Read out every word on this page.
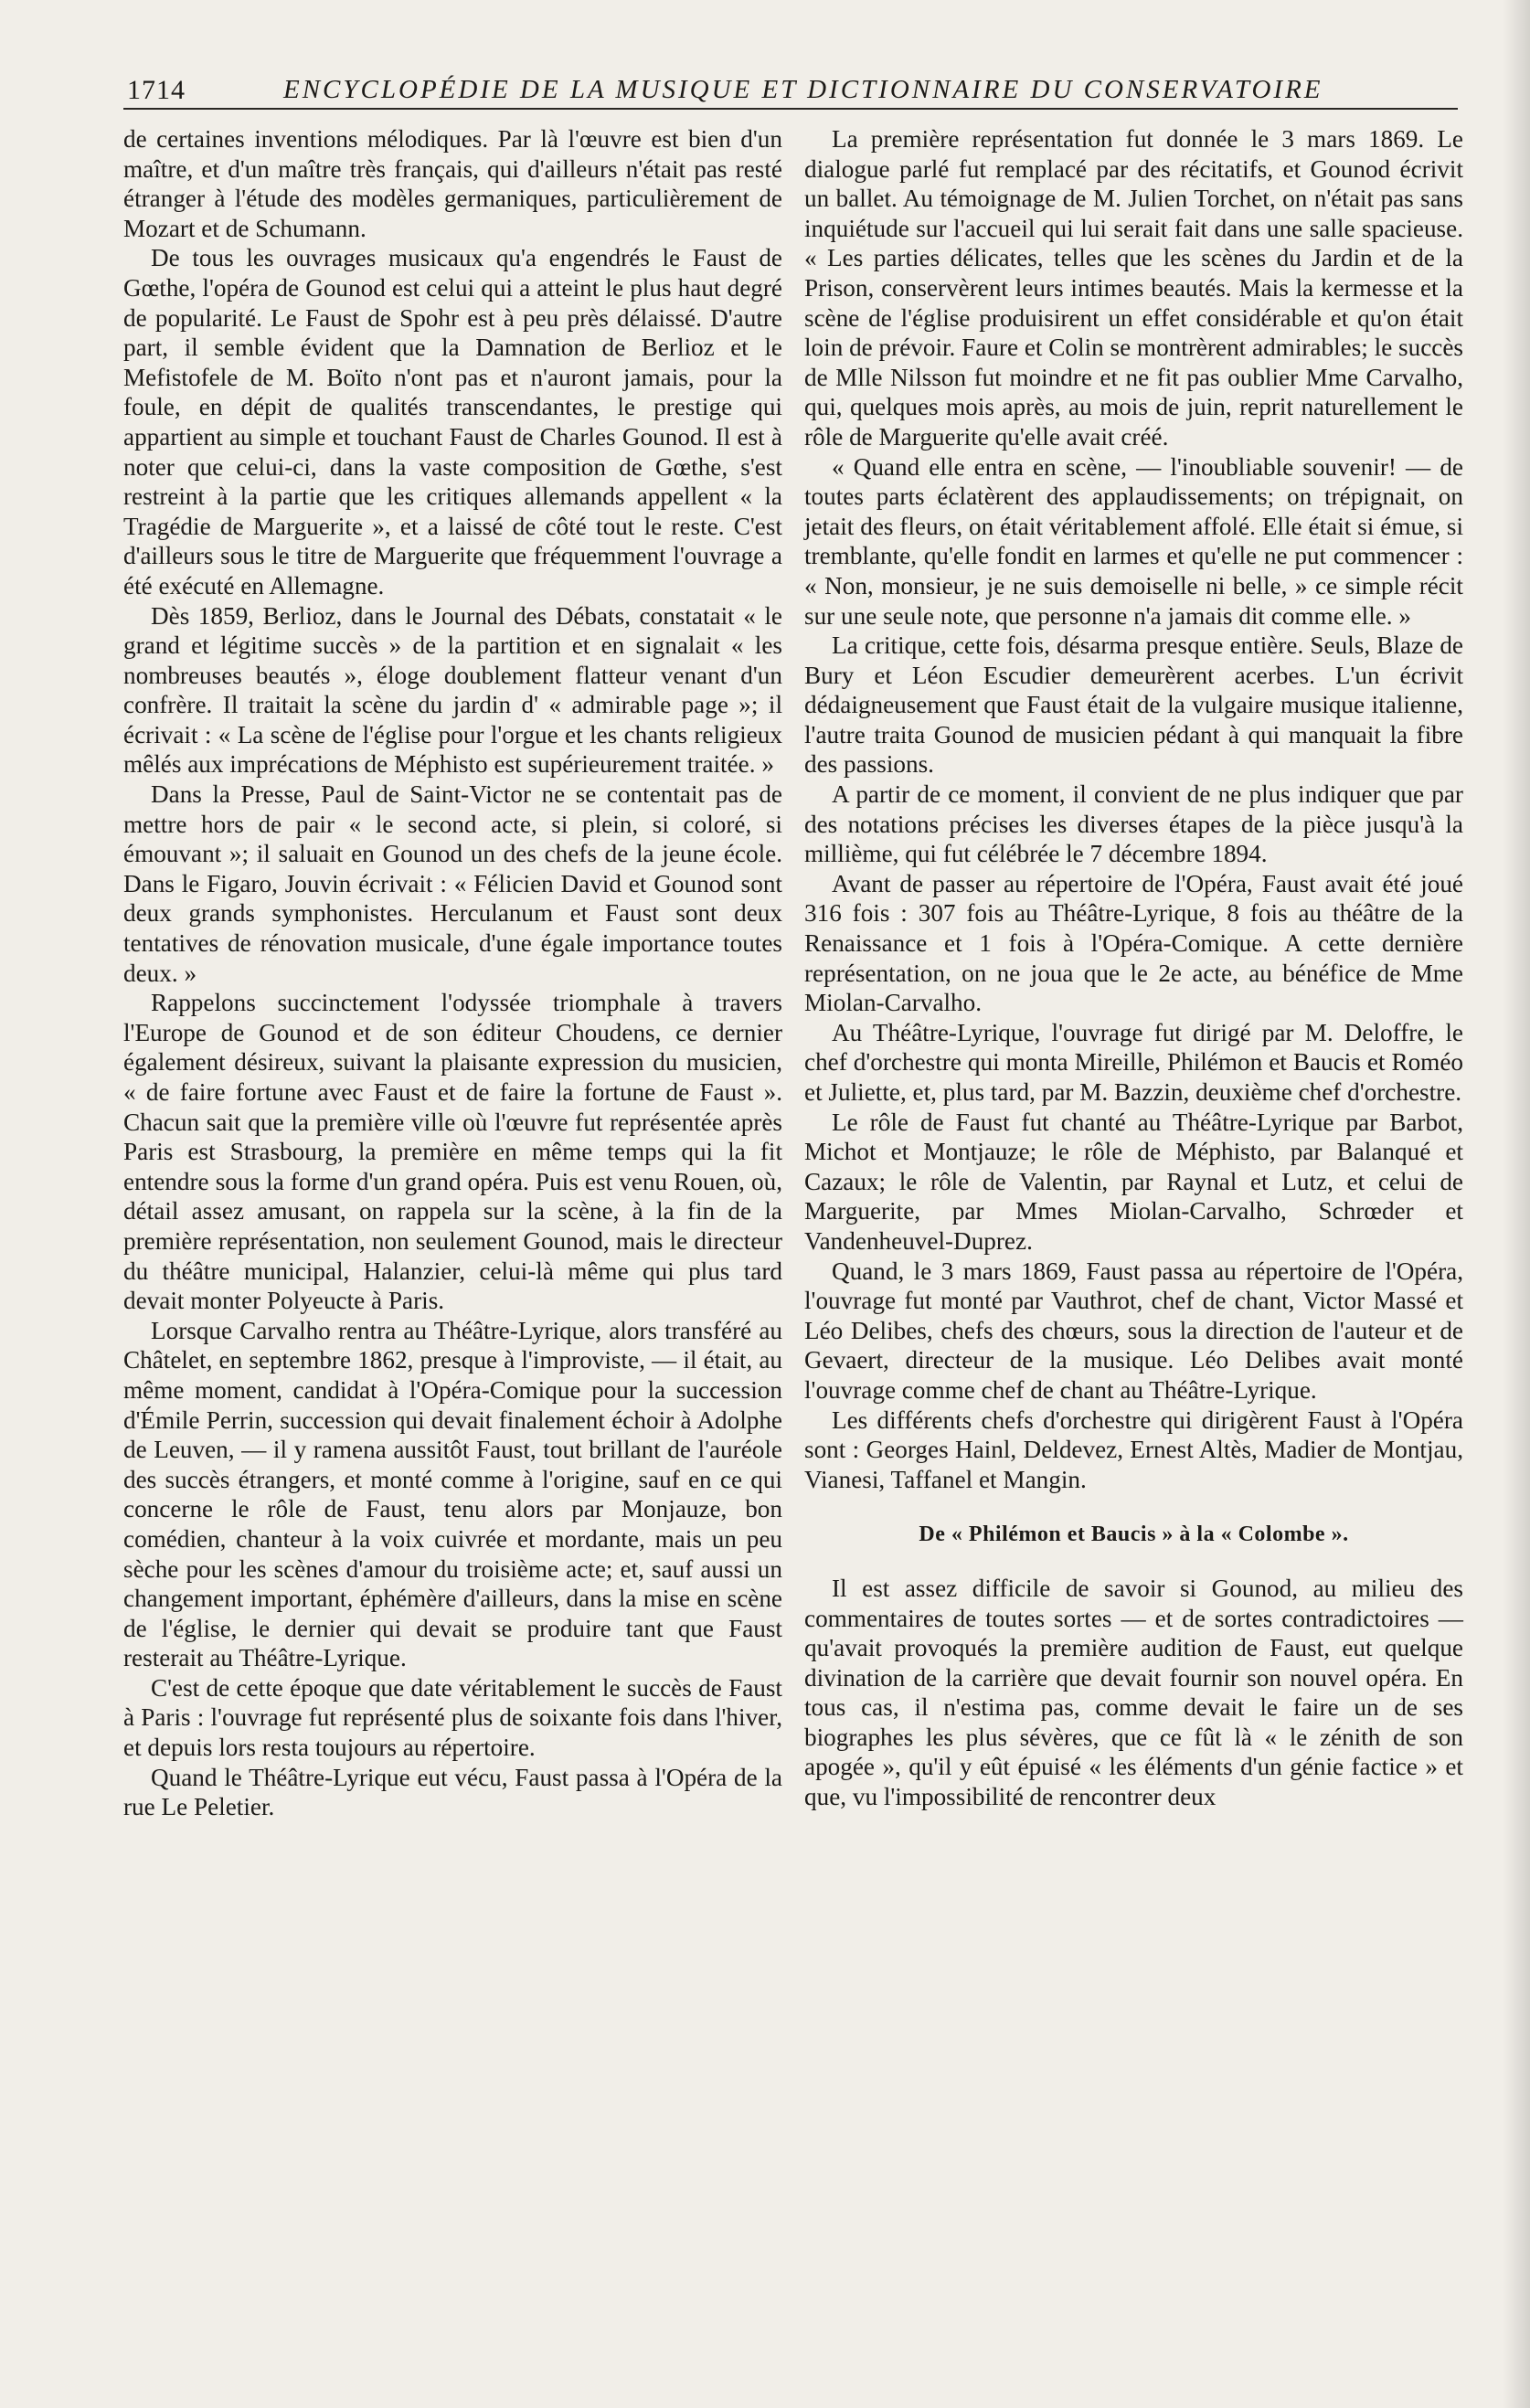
1714	ENCYCLOPÉDIE DE LA MUSIQUE ET DICTIONNAIRE DU CONSERVATOIRE

de certaines inventions mélodiques. Par là l'œuvre est bien d'un maître, et d'un maître très français, qui d'ailleurs n'était pas resté étranger à l'étude des modèles germaniques, particulièrement de Mozart et de Schumann.

De tous les ouvrages musicaux qu'a engendrés le Faust de Gœthe, l'opéra de Gounod est celui qui a atteint le plus haut degré de popularité. Le Faust de Spohr est à peu près délaissé. D'autre part, il semble évident que la Damnation de Berlioz et le Mefistofele de M. Boïto n'ont pas et n'auront jamais, pour la foule, en dépit de qualités transcendantes, le prestige qui appartient au simple et touchant Faust de Charles Gounod. Il est à noter que celui-ci, dans la vaste composition de Gœthe, s'est restreint à la partie que les critiques allemands appellent « la Tragédie de Marguerite », et a laissé de côté tout le reste. C'est d'ailleurs sous le titre de Marguerite que fréquemment l'ouvrage a été exécuté en Allemagne.

Dès 1859, Berlioz, dans le Journal des Débats, constatait « le grand et légitime succès » de la partition et en signalait « les nombreuses beautés », éloge doublement flatteur venant d'un confrère. Il traitait la scène du jardin d' « admirable page »; il écrivait : « La scène de l'église pour l'orgue et les chants religieux mêlés aux imprécations de Méphisto est supérieurement traitée. »

Dans la Presse, Paul de Saint-Victor ne se contentait pas de mettre hors de pair « le second acte, si plein, si coloré, si émouvant »; il saluait en Gounod un des chefs de la jeune école. Dans le Figaro, Jouvin écrivait : « Félicien David et Gounod sont deux grands symphonistes. Herculanum et Faust sont deux tentatives de rénovation musicale, d'une égale importance toutes deux. »

Rappelons succinctement l'odyssée triomphale à travers l'Europe de Gounod et de son éditeur Choudens, ce dernier également désireux, suivant la plaisante expression du musicien, « de faire fortune avec Faust et de faire la fortune de Faust ». Chacun sait que la première ville où l'œuvre fut représentée après Paris est Strasbourg, la première en même temps qui la fit entendre sous la forme d'un grand opéra. Puis est venu Rouen, où, détail assez amusant, on rappela sur la scène, à la fin de la première représentation, non seulement Gounod, mais le directeur du théâtre municipal, Halanzier, celui-là même qui plus tard devait monter Polyeucte à Paris.

Lorsque Carvalho rentra au Théâtre-Lyrique, alors transféré au Châtelet, en septembre 1862, presque à l'improviste, — il était, au même moment, candidat à l'Opéra-Comique pour la succession d'Émile Perrin, succession qui devait finalement échoir à Adolphe de Leuven, — il y ramena aussitôt Faust, tout brillant de l'auréole des succès étrangers, et monté comme à l'origine, sauf en ce qui concerne le rôle de Faust, tenu alors par Monjauze, bon comédien, chanteur à la voix cuivrée et mordante, mais un peu sèche pour les scènes d'amour du troisième acte; et, sauf aussi un changement important, éphémère d'ailleurs, dans la mise en scène de l'église, le dernier qui devait se produire tant que Faust resterait au Théâtre-Lyrique.

C'est de cette époque que date véritablement le succès de Faust à Paris : l'ouvrage fut représenté plus de soixante fois dans l'hiver, et depuis lors resta toujours au répertoire.

Quand le Théâtre-Lyrique eut vécu, Faust passa à l'Opéra de la rue Le Peletier.

La première représentation fut donnée le 3 mars 1869. Le dialogue parlé fut remplacé par des récitatifs, et Gounod écrivit un ballet. Au témoignage de M. Julien Torchet, on n'était pas sans inquiétude sur l'accueil qui lui serait fait dans une salle spacieuse. « Les parties délicates, telles que les scènes du Jardin et de la Prison, conservèrent leurs intimes beautés. Mais la kermesse et la scène de l'église produisirent un effet considérable et qu'on était loin de prévoir. Faure et Colin se montrèrent admirables; le succès de Mlle Nilsson fut moindre et ne fit pas oublier Mme Carvalho, qui, quelques mois après, au mois de juin, reprit naturellement le rôle de Marguerite qu'elle avait créé.

« Quand elle entra en scène, — l'inoubliable souvenir! — de toutes parts éclatèrent des applaudissements; on trépignait, on jetait des fleurs, on était véritablement affolé. Elle était si émue, si tremblante, qu'elle fondit en larmes et qu'elle ne put commencer : « Non, monsieur, je ne suis demoiselle ni belle, » ce simple récit sur une seule note, que personne n'a jamais dit comme elle. »

La critique, cette fois, désarma presque entière. Seuls, Blaze de Bury et Léon Escudier demeurèrent acerbes. L'un écrivit dédaigneusement que Faust était de la vulgaire musique italienne, l'autre traita Gounod de musicien pédant à qui manquait la fibre des passions.

A partir de ce moment, il convient de ne plus indiquer que par des notations précises les diverses étapes de la pièce jusqu'à la millième, qui fut célébrée le 7 décembre 1894.

Avant de passer au répertoire de l'Opéra, Faust avait été joué 316 fois : 307 fois au Théâtre-Lyrique, 8 fois au théâtre de la Renaissance et 1 fois à l'Opéra-Comique. A cette dernière représentation, on ne joua que le 2e acte, au bénéfice de Mme Miolan-Carvalho.

Au Théâtre-Lyrique, l'ouvrage fut dirigé par M. Deloffre, le chef d'orchestre qui monta Mireille, Philémon et Baucis et Roméo et Juliette, et, plus tard, par M. Bazzin, deuxième chef d'orchestre.

Le rôle de Faust fut chanté au Théâtre-Lyrique par Barbot, Michot et Montjauze; le rôle de Méphisto, par Balanqué et Cazaux; le rôle de Valentin, par Raynal et Lutz, et celui de Marguerite, par Mmes Miolan-Carvalho, Schrœder et Vandenheuvel-Duprez.

Quand, le 3 mars 1869, Faust passa au répertoire de l'Opéra, l'ouvrage fut monté par Vauthrot, chef de chant, Victor Massé et Léo Delibes, chefs des chœurs, sous la direction de l'auteur et de Gevaert, directeur de la musique. Léo Delibes avait monté l'ouvrage comme chef de chant au Théâtre-Lyrique.

Les différents chefs d'orchestre qui dirigèrent Faust à l'Opéra sont : Georges Hainl, Deldevez, Ernest Altès, Madier de Montjau, Vianesi, Taffanel et Mangin.

De « Philémon et Baucis » à la « Colombe ».

Il est assez difficile de savoir si Gounod, au milieu des commentaires de toutes sortes — et de sortes contradictoires — qu'avait provoqués la première audition de Faust, eut quelque divination de la carrière que devait fournir son nouvel opéra. En tous cas, il n'estima pas, comme devait le faire un de ses biographes les plus sévères, que ce fût là « le zénith de son apogée », qu'il y eût épuisé « les éléments d'un génie factice » et que, vu l'impossibilité de rencontrer deux
